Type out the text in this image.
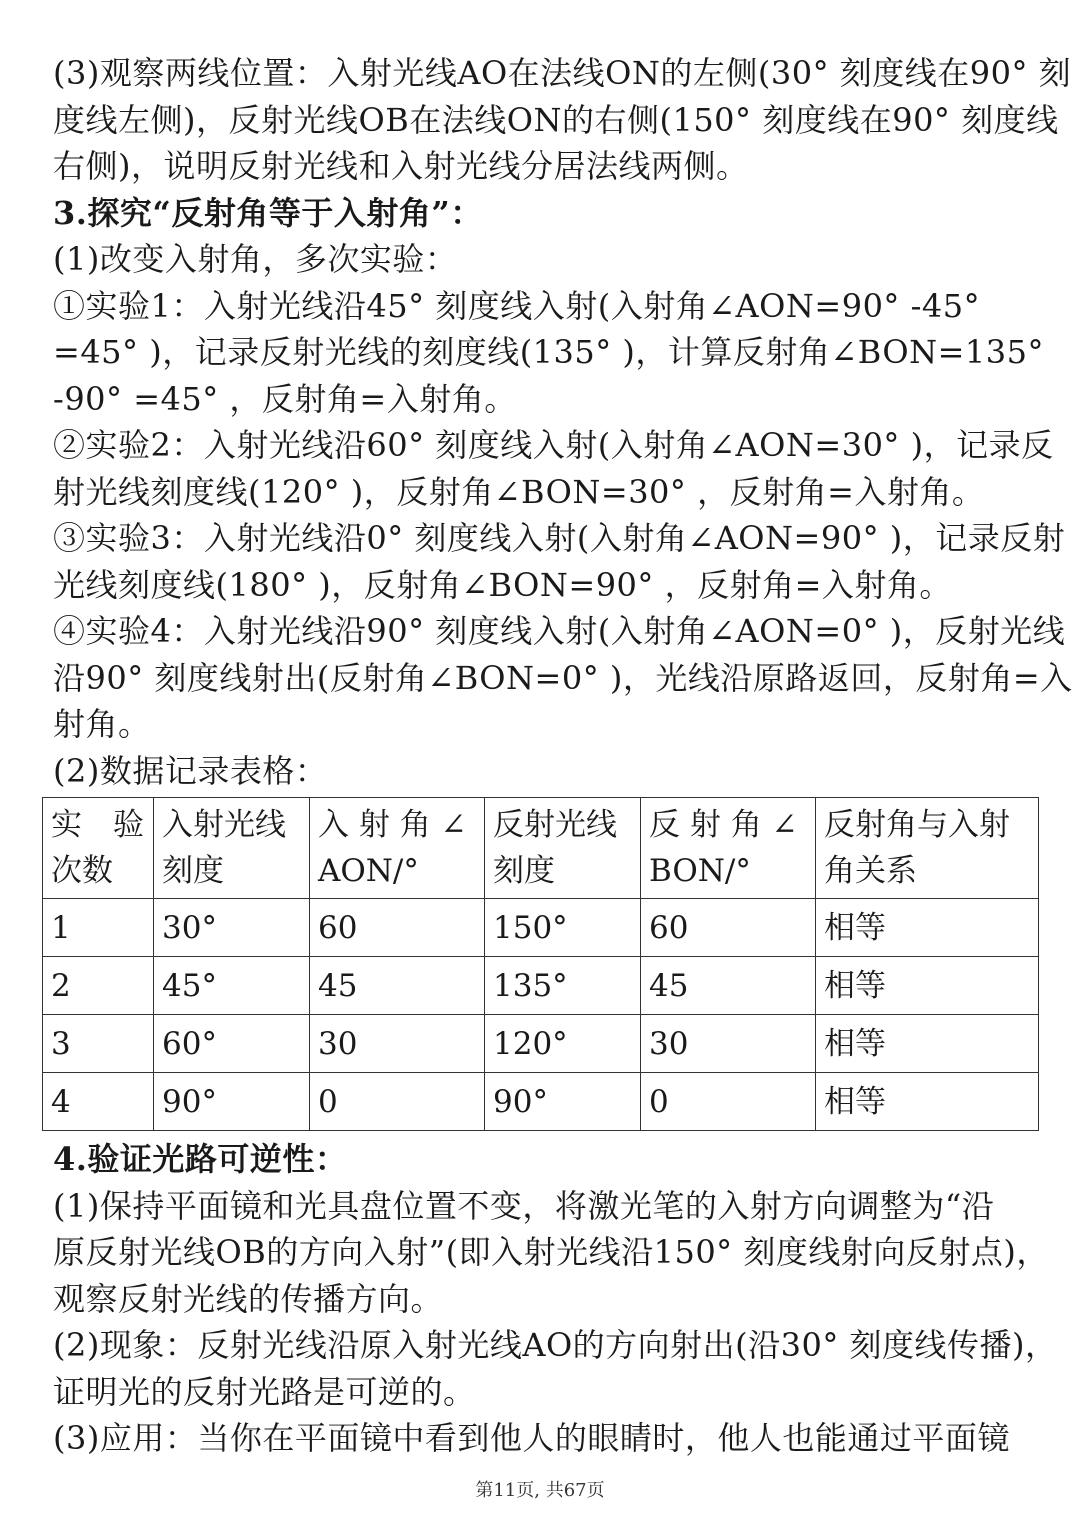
(3)观察两线位置：入射光线AO在法线ON的左侧(30° 刻度线在90° 刻
度线左侧)，反射光线OB在法线ON的右侧(150° 刻度线在90° 刻度线
右侧)，说明反射光线和入射光线分居法线两侧。
3.探究“反射角等于入射角”：
(1)改变入射角，多次实验：
①实验1：入射光线沿45° 刻度线入射(入射角∠AON=90° -45°
=45° )，记录反射光线的刻度线(135° )，计算反射角∠BON=135°
-90° =45° ，反射角=入射角。
②实验2：入射光线沿60° 刻度线入射(入射角∠AON=30° )，记录反
射光线刻度线(120° )，反射角∠BON=30° ，反射角=入射角。
③实验3：入射光线沿0° 刻度线入射(入射角∠AON=90° )，记录反射
光线刻度线(180° )，反射角∠BON=90° ，反射角=入射角。
④实验4：入射光线沿90° 刻度线入射(入射角∠AON=0° )，反射光线
沿90° 刻度线射出(反射角∠BON=0° )，光线沿原路返回，反射角=入
射角。
(2)数据记录表格：
实　验次数	入射光线刻度	入 射 角 ∠AON/°	反射光线刻度	反 射 角 ∠BON/°	反射角与入射角关系
1	30°	60	150°	60	相等
2	45°	45	135°	45	相等
3	60°	30	120°	30	相等
4	90°	0	90°	0	相等
4.验证光路可逆性：
(1)保持平面镜和光具盘位置不变，将激光笔的入射方向调整为“沿
原反射光线OB的方向入射”(即入射光线沿150° 刻度线射向反射点)，
观察反射光线的传播方向。
(2)现象：反射光线沿原入射光线AO的方向射出(沿30° 刻度线传播)，
证明光的反射光路是可逆的。
(3)应用：当你在平面镜中看到他人的眼睛时，他人也能通过平面镜
第11页, 共67页
